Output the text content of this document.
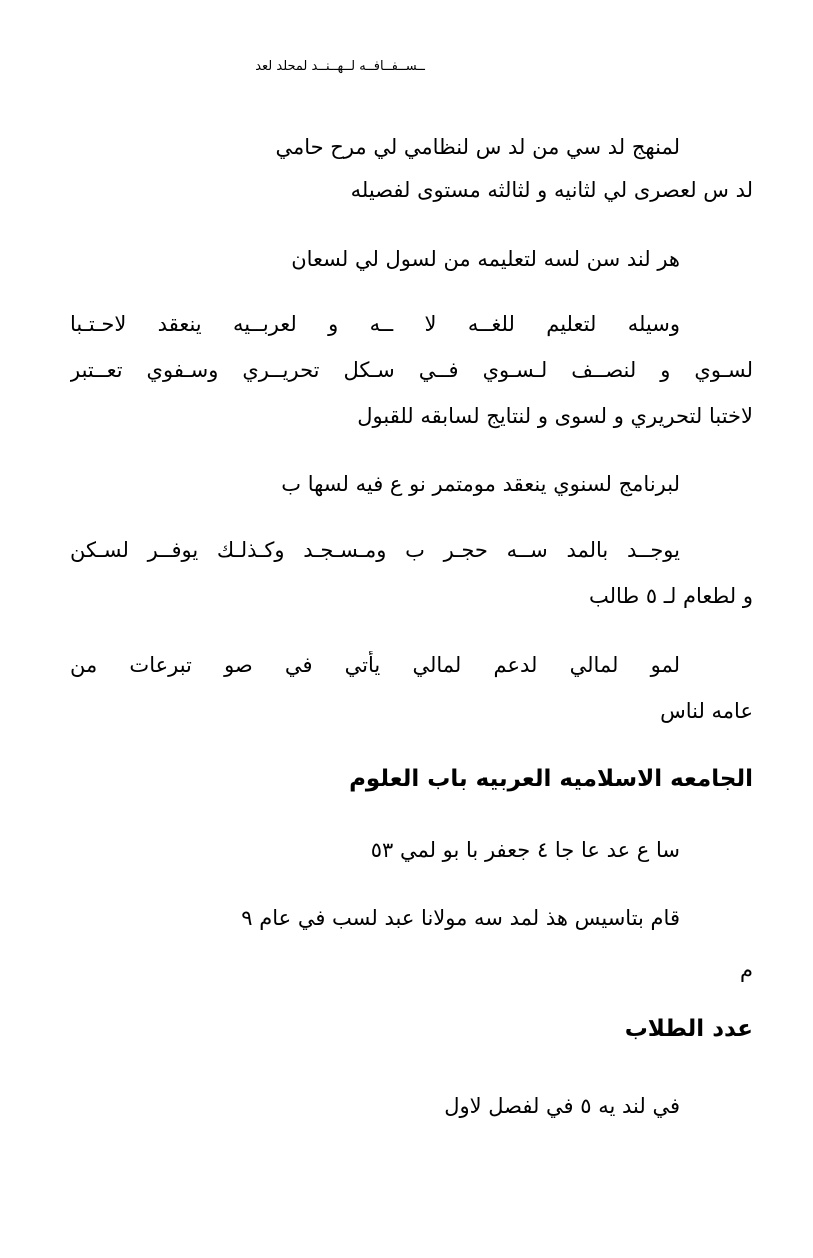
ــســفــافــه لــهــنــد لمحلد لعد
لمنهج لد سي من لد س لنظامي لي مرح حامي
لد س لعصرى لي لثانيه و لثالثه مستوى لفصيله
هر لند سن لسه لتعليمه من لسول لي لسعان
وسيله لتعليم للغــه لا ــه و لعربــيه ينعقد لاحـتـبا
لسـوي و لنصــف لـسـوي فــي سـكل تحريــري وسـفوي تعــتبر
لاختبا لتحريري و لسوى و لنتايج لسابقه للقبول
لبرنامج لسنوي ينعقد مومتمر نو ع فيه لسها ب
يوجــد بالمد ســه حجـر ب ومـسـجـد وكـذلـك يوفــر لسـكن
و لطعام لـ ٥ طالب
لمو لمالي لدعم لمالي يأتي في صو تبرعات من
عامه لناس
الجامعه الاسلاميه العربيه باب العلوم
سا ع عد عا جا ٤ جعفر با بو لمي ٥٣
قام بتاسيس هذ لمد سه مولانا عبد لسب في عام ٩
م
عدد الطلاب
في لند يه ٥ في لفصل لاول
